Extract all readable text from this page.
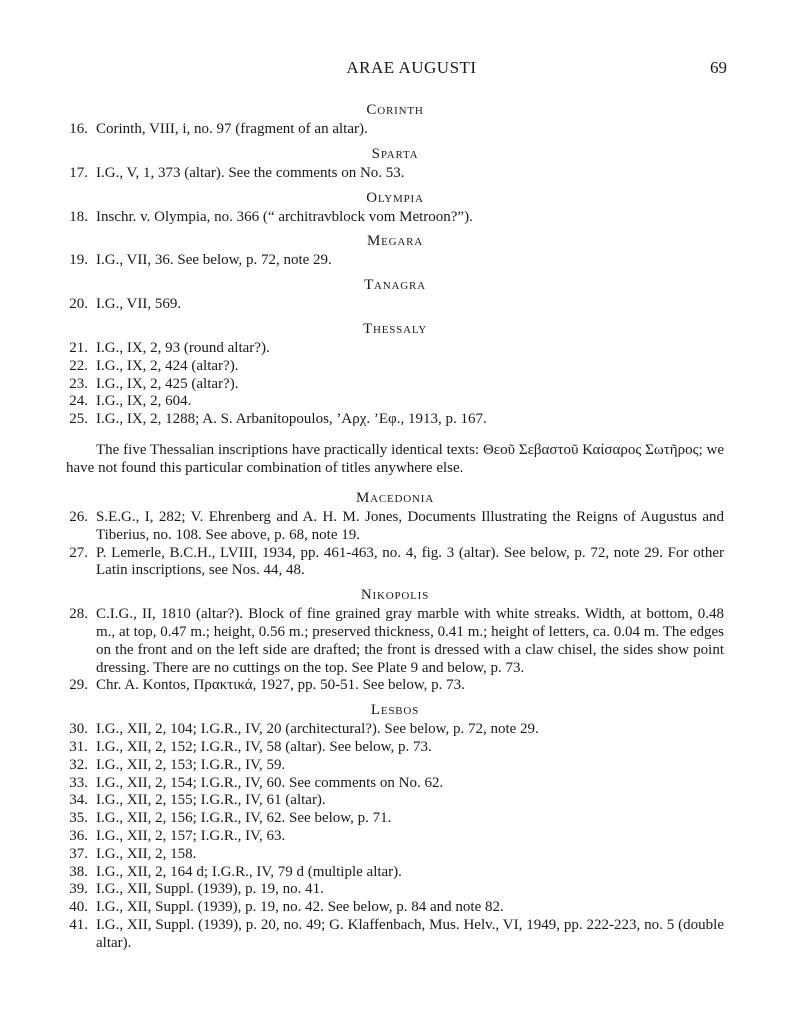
ARAE AUGUSTI	69
Corinth
16. Corinth, VIII, i, no. 97 (fragment of an altar).
Sparta
17. I.G., V, 1, 373 (altar). See the comments on No. 53.
Olympia
18. Inschr. v. Olympia, no. 366 (“ architravblock vom Metroon?”).
Megara
19. I.G., VII, 36. See below, p. 72, note 29.
Tanagra
20. I.G., VII, 569.
Thessaly
21. I.G., IX, 2, 93 (round altar?).
22. I.G., IX, 2, 424 (altar?).
23. I.G., IX, 2, 425 (altar?).
24. I.G., IX, 2, 604.
25. I.G., IX, 2, 1288; A. S. Arbanitopoulos, ’Αρχ. ’Εφ., 1913, p. 167.
The five Thessalian inscriptions have practically identical texts: Θεοῦ Σεβαστοῦ Καίσαρος Σωτῆρος; we have not found this particular combination of titles anywhere else.
Macedonia
26. S.E.G., I, 282; V. Ehrenberg and A. H. M. Jones, Documents Illustrating the Reigns of Augustus and Tiberius, no. 108. See above, p. 68, note 19.
27. P. Lemerle, B.C.H., LVIII, 1934, pp. 461-463, no. 4, fig. 3 (altar). See below, p. 72, note 29. For other Latin inscriptions, see Nos. 44, 48.
Nikopolis
28. C.I.G., II, 1810 (altar?). Block of fine grained gray marble with white streaks. Width, at bottom, 0.48 m., at top, 0.47 m.; height, 0.56 m.; preserved thickness, 0.41 m.; height of letters, ca. 0.04 m. The edges on the front and on the left side are drafted; the front is dressed with a claw chisel, the sides show point dressing. There are no cuttings on the top. See Plate 9 and below, p. 73.
29. Chr. A. Kontos, Πρακτικά, 1927, pp. 50-51. See below, p. 73.
Lesbos
30. I.G., XII, 2, 104; I.G.R., IV, 20 (architectural?). See below, p. 72, note 29.
31. I.G., XII, 2, 152; I.G.R., IV, 58 (altar). See below, p. 73.
32. I.G., XII, 2, 153; I.G.R., IV, 59.
33. I.G., XII, 2, 154; I.G.R., IV, 60. See comments on No. 62.
34. I.G., XII, 2, 155; I.G.R., IV, 61 (altar).
35. I.G., XII, 2, 156; I.G.R., IV, 62. See below, p. 71.
36. I.G., XII, 2, 157; I.G.R., IV, 63.
37. I.G., XII, 2, 158.
38. I.G., XII, 2, 164 d; I.G.R., IV, 79 d (multiple altar).
39. I.G., XII, Suppl. (1939), p. 19, no. 41.
40. I.G., XII, Suppl. (1939), p. 19, no. 42. See below, p. 84 and note 82.
41. I.G., XII, Suppl. (1939), p. 20, no. 49; G. Klaffenbach, Mus. Helv., VI, 1949, pp. 222-223, no. 5 (double altar).
